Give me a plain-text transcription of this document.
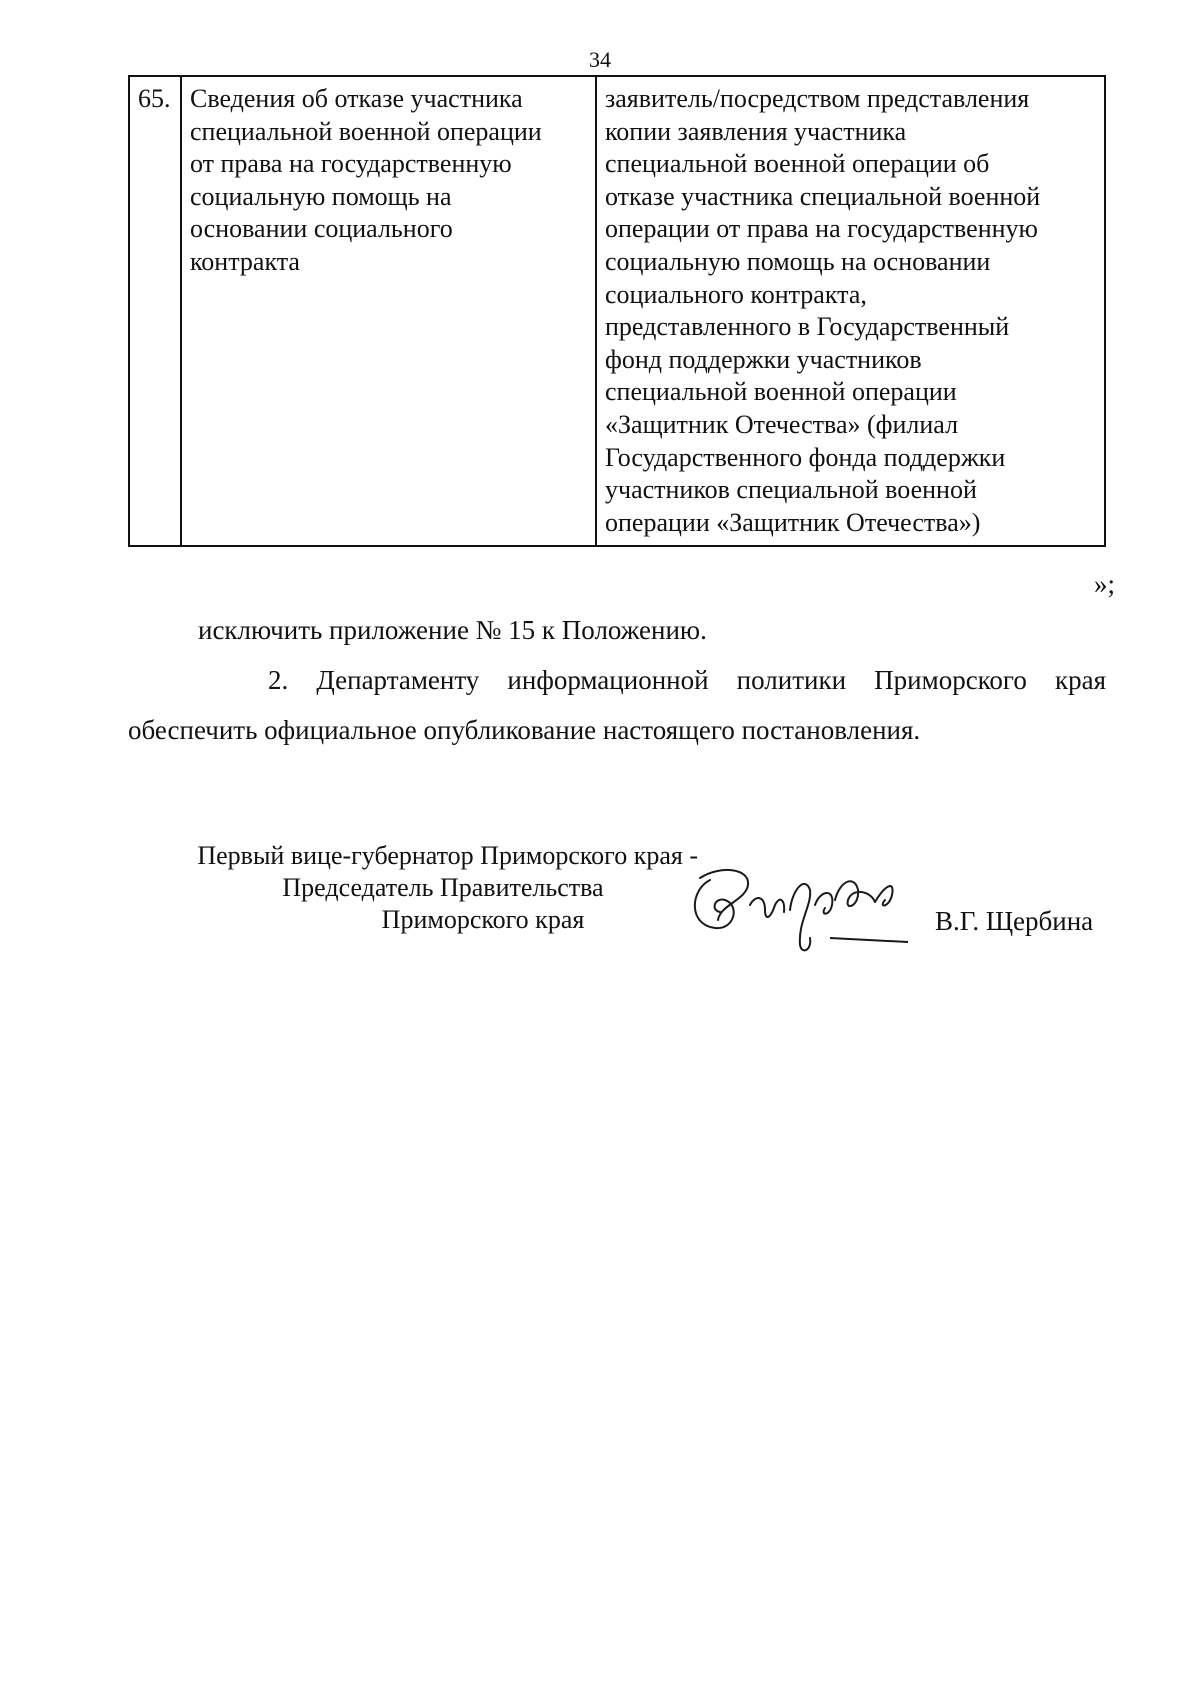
34
65.	Сведения об отказе участника
специальной военной операции
от права на государственную
социальную помощь на
основании социального
контракта	заявитель/посредством представления
копии заявления участника
специальной военной операции об
отказе участника специальной военной
операции от права на государственную
социальную помощь на основании
социального контракта,
представленного в Государственный
фонд поддержки участников
специальной военной операции
«Защитник Отечества» (филиал
Государственного фонда поддержки
участников специальной военной
операции «Защитник Отечества»)
»;
исключить приложение № 15 к Положению.
2. Департаменту информационной политики Приморского края обеспечить официальное опубликование настоящего постановления.
Первый вице-губернатор Приморского края -
Председатель Правительства
Приморского края	В.Г. Щербина
